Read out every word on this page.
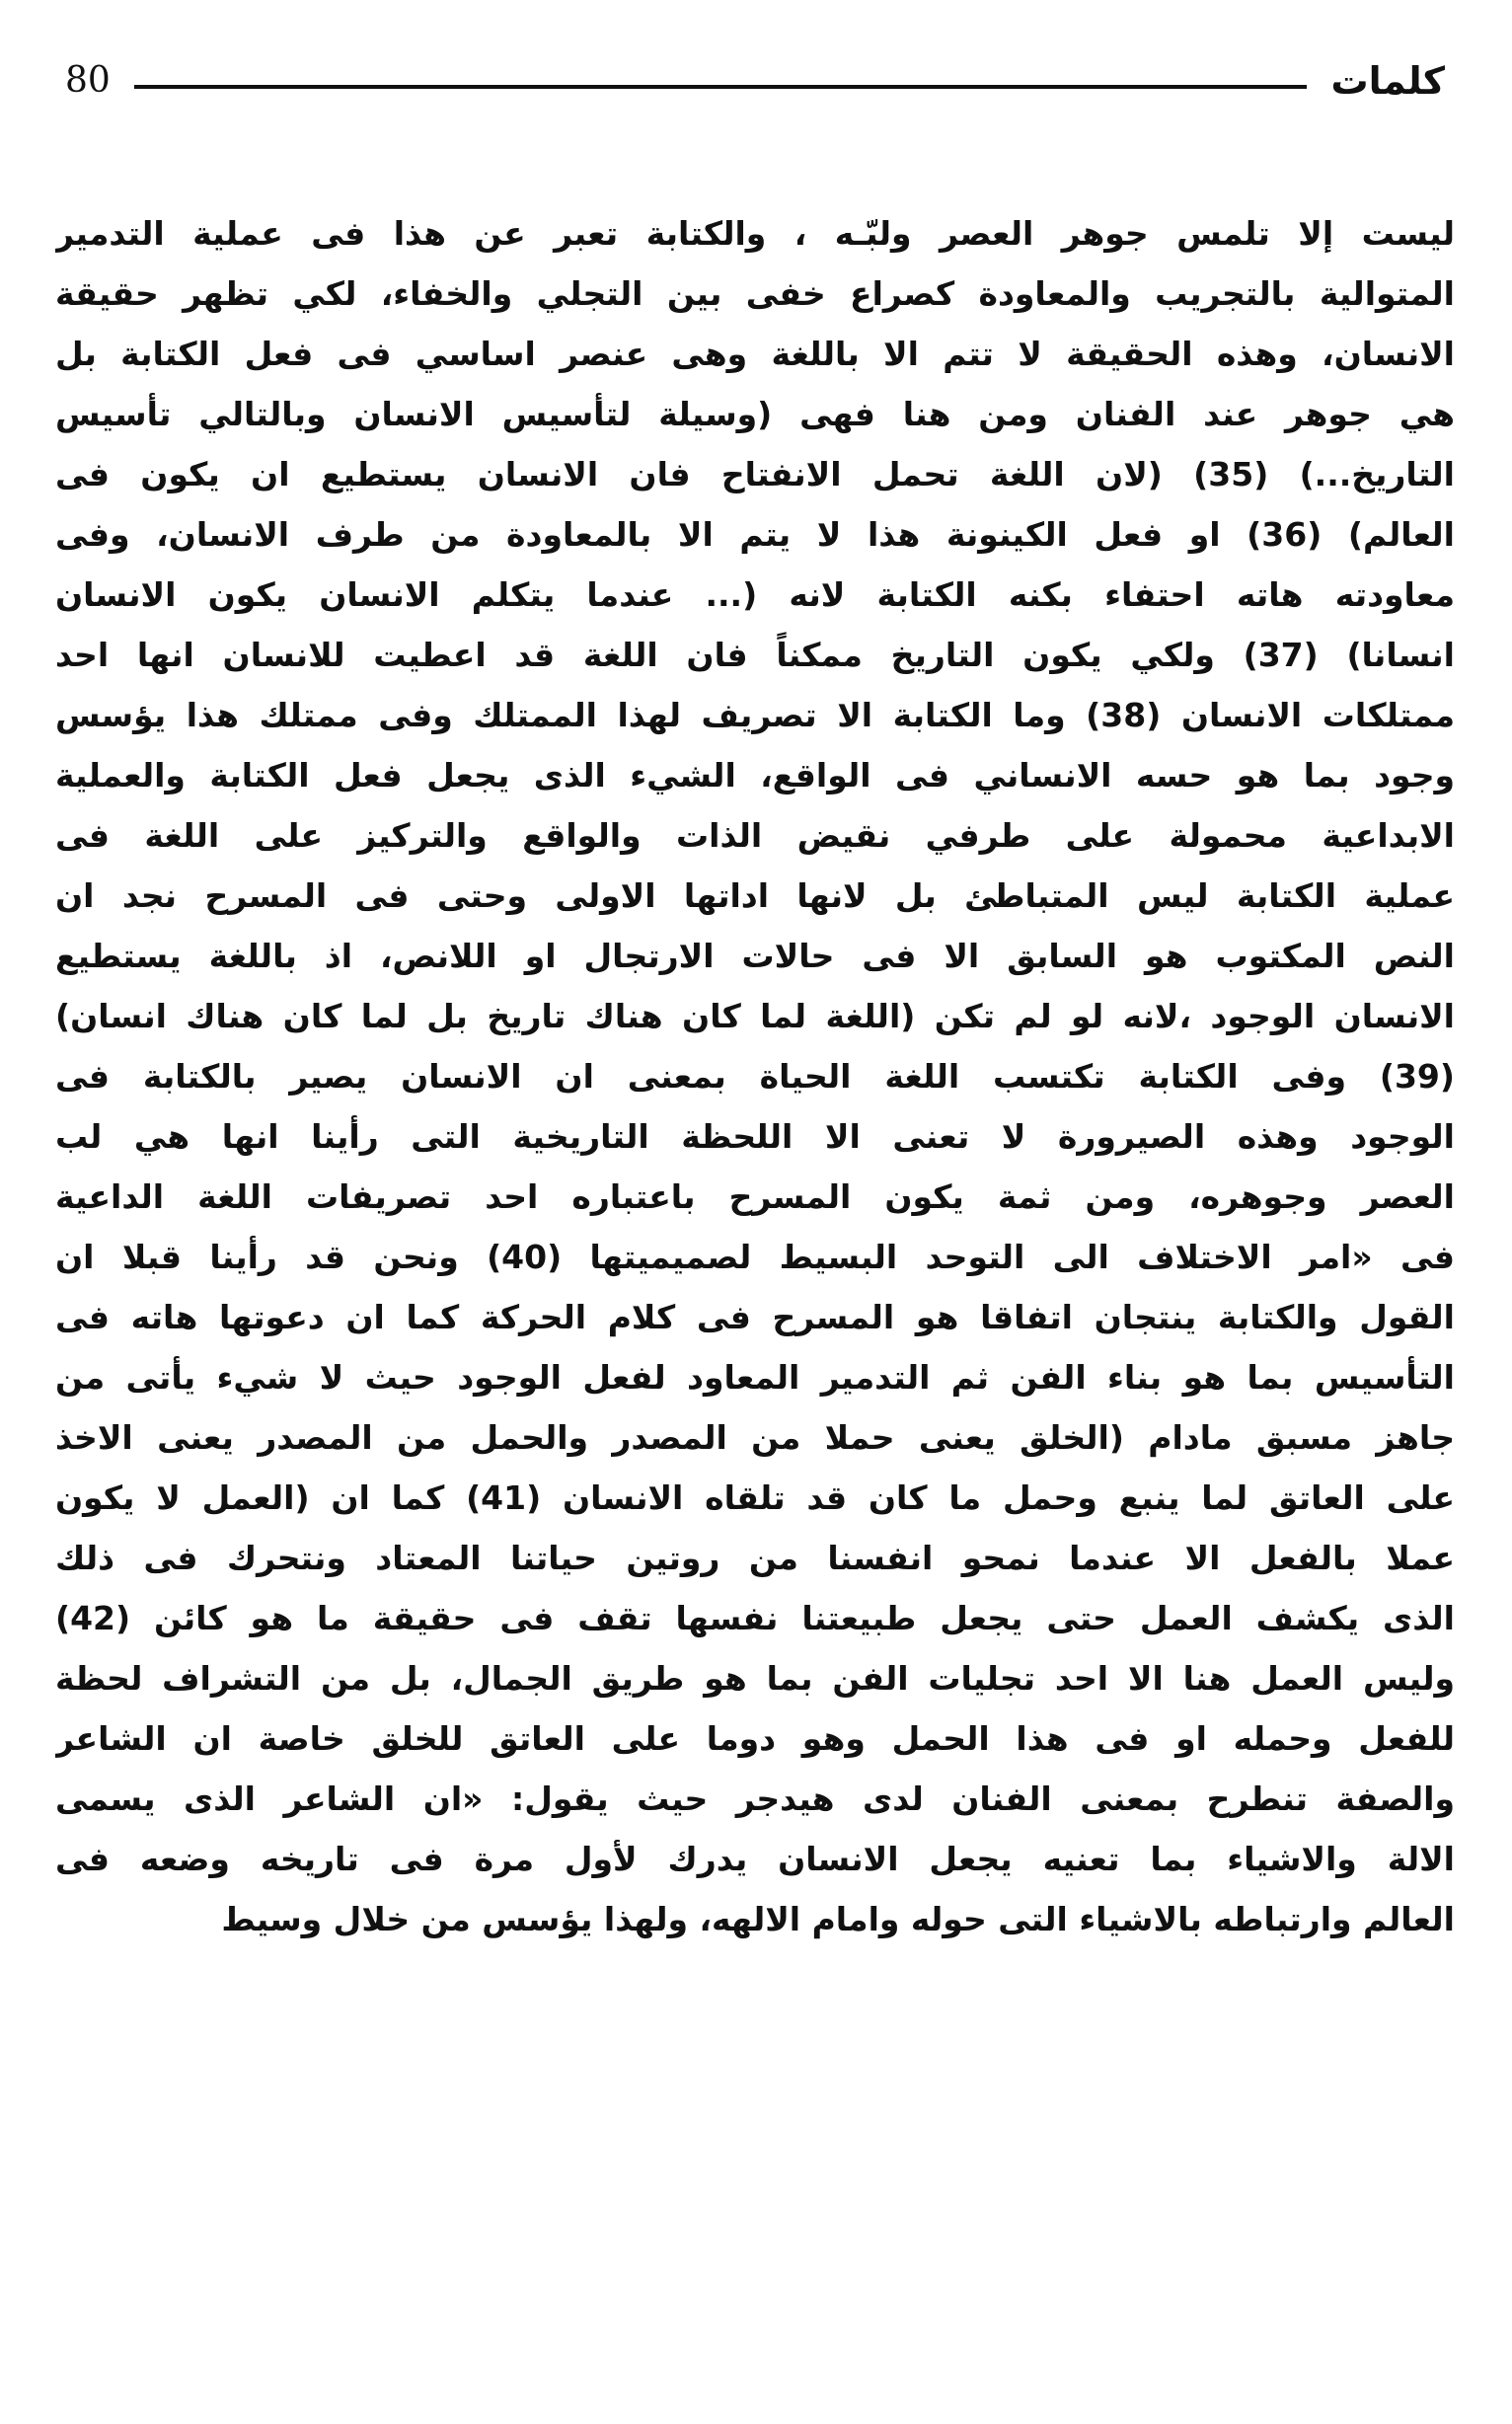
80	كلمات
ليست إلا تلمس جوهر العصر ولبّـه ، والكتابة تعبر عن هذا فى عملية التدمير
المتوالية بالتجريب والمعاودة كصراع خفى بين التجلي والخفاء، لكي تظهر حقيقة
الانسان، وهذه الحقيقة لا تتم الا باللغة وهى عنصر اساسي فى فعل الكتابة بل
هي جوهر عند الفنان ومن هنا فهى (وسيلة لتأسيس الانسان وبالتالي تأسيس
التاريخ...) (35) (لان اللغة تحمل الانفتاح فان الانسان يستطيع ان يكون فى
العالم) (36) او فعل الكينونة هذا لا يتم الا بالمعاودة من طرف الانسان، وفى
معاودته هاته احتفاء بكنه الكتابة لانه (... عندما يتكلم الانسان يكون الانسان
انسانا) (37) ولكي يكون التاريخ ممكناً فان اللغة قد اعطيت للانسان انها احد
ممتلكات الانسان (38) وما الكتابة الا تصريف لهذا الممتلك وفى ممتلك هذا يؤسس
وجود بما هو حسه الانساني فى الواقع، الشيء الذى يجعل فعل الكتابة والعملية
الابداعية محمولة على طرفي نقيض الذات والواقع والتركيز على اللغة فى
عملية الكتابة ليس المتباطئ بل لانها اداتها الاولى وحتى فى المسرح نجد ان
النص المكتوب هو السابق الا فى حالات الارتجال او اللانص، اذ باللغة يستطيع
الانسان الوجود ،لانه لو لم تكن (اللغة لما كان هناك تاريخ بل لما كان هناك انسان)
(39) وفى الكتابة تكتسب اللغة الحياة بمعنى ان الانسان يصير بالكتابة فى
الوجود وهذه الصيرورة لا تعنى الا اللحظة التاريخية التى رأينا انها هي لب
العصر وجوهره، ومن ثمة يكون المسرح باعتباره احد تصريفات اللغة الداعية
فى «امر الاختلاف الى التوحد البسيط لصميميتها (40) ونحن قد رأينا قبلا ان
القول والكتابة ينتجان اتفاقا هو المسرح فى كلام الحركة كما ان دعوتها هاته فى
التأسيس بما هو بناء الفن ثم التدمير المعاود لفعل الوجود حيث لا شيء يأتى من
جاهز مسبق مادام (الخلق يعنى حملا من المصدر والحمل من المصدر يعنى الاخذ
على العاتق لما ينبع وحمل ما كان قد تلقاه الانسان (41) كما ان (العمل لا يكون
عملا بالفعل الا عندما نمحو انفسنا من روتين حياتنا المعتاد ونتحرك فى ذلك
الذى يكشف العمل حتى يجعل طبيعتنا نفسها تقف فى حقيقة ما هو كائن (42)
وليس العمل هنا الا احد تجليات الفن بما هو طريق الجمال، بل من التشراف لحظة
للفعل وحمله او فى هذا الحمل وهو دوما على العاتق للخلق خاصة ان الشاعر
والصفة تنطرح بمعنى الفنان لدى هيدجر حيث يقول: «ان الشاعر الذى يسمى
الالة والاشياء بما تعنيه يجعل الانسان يدرك لأول مرة فى تاريخه وضعه فى
العالم وارتباطه بالاشياء التى حوله وامام الالهه، ولهذا يؤسس من خلال وسيط
